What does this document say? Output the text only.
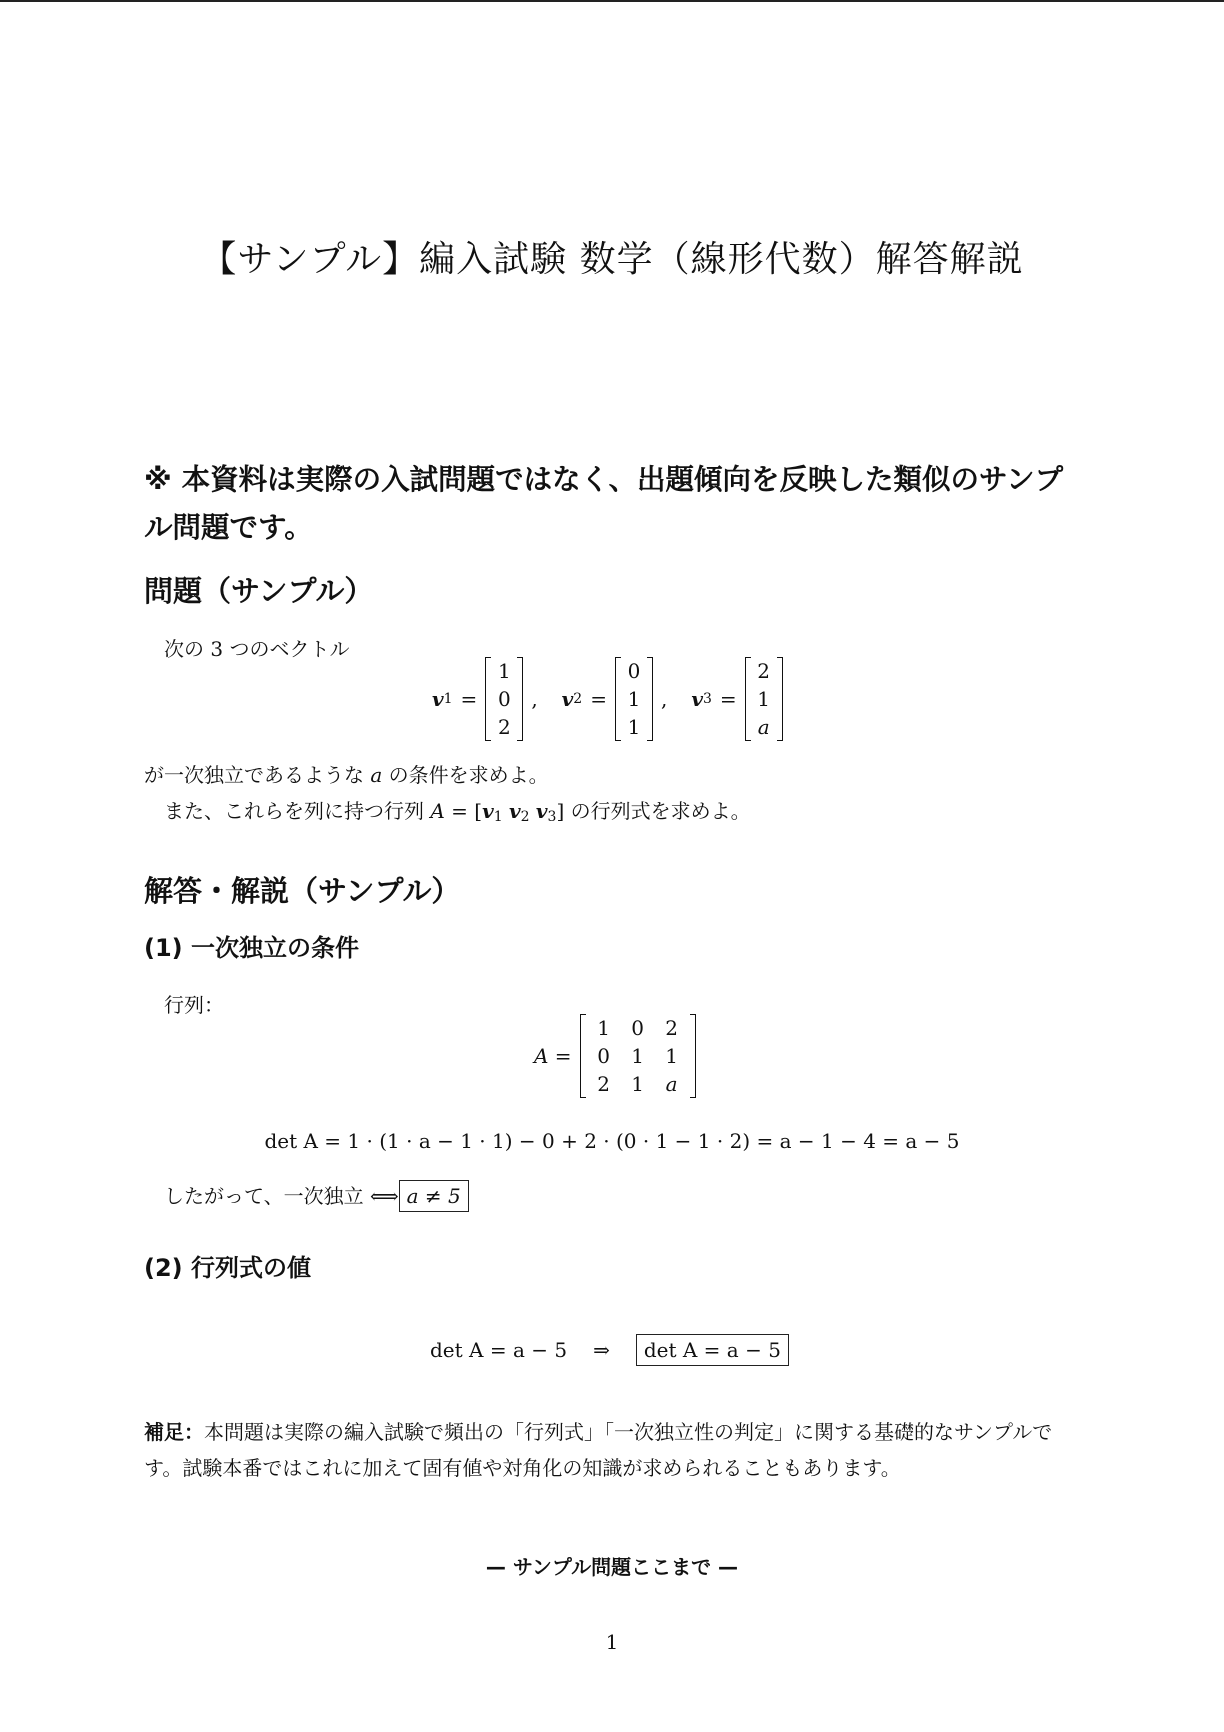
【サンプル】編入試験 数学（線形代数）解答解説
※ 本資料は実際の入試問題ではなく、出題傾向を反映した類似のサンプル問題です。
問題（サンプル）
次の 3 つのベクトル
v 1 =
1
0
2
, v 2 =
0
1
1
, v 3 =
2
1
a
が一次独立であるような a の条件を求めよ。
また、これらを列に持つ行列 $A = [v_1$ $v_2$ $v_3$] の行列式を求めよ。
解答・解説（サンプル）
(1) 一次独立の条件
行列：
A =
1	0	2
0	1	1
2	1	a
det A = 1 · (1 · a − 1 · 1) − 0 + 2 · (0 · 1 − 1 · 2) = a − 1 − 4 = a − 5
したがって、一次独立 ⟺ a ≠ 5
(2) 行列式の値
det A = a − 5 ⇒	det A = a − 5
補足：本問題は実際の編入試験で頻出の「行列式」「一次独立性の判定」に関する基礎的なサンプルです。試験本番ではこれに加えて固有値や対角化の知識が求められることもあります。
— サンプル問題ここまで —
1
